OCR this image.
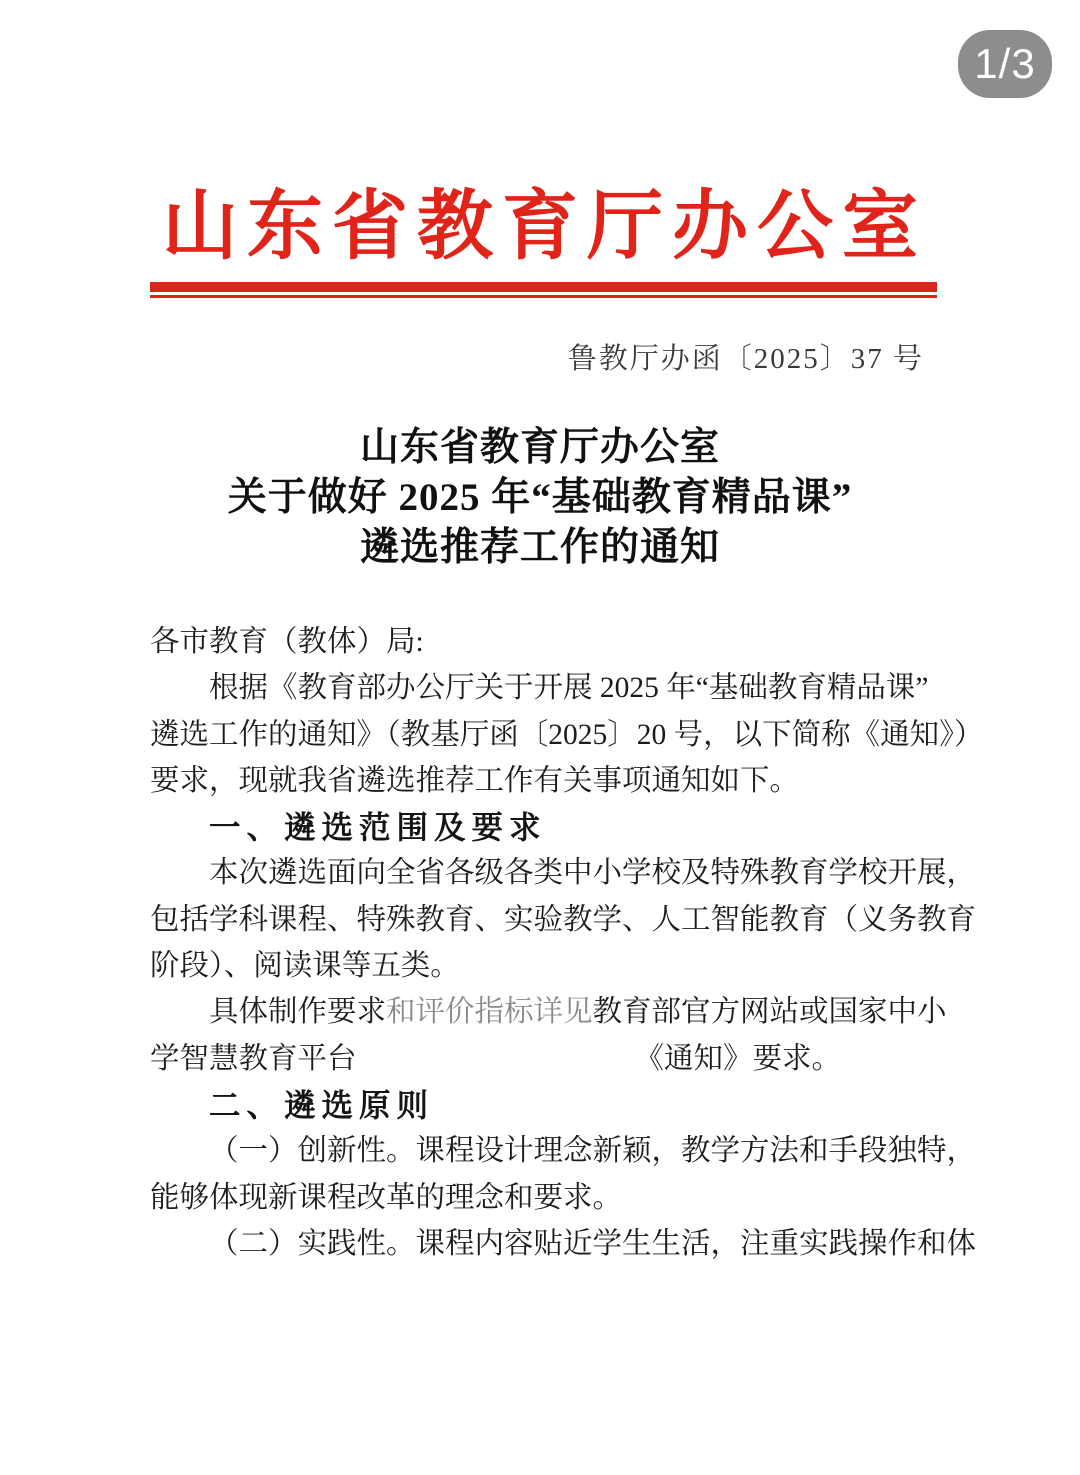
1/3
山东省教育厅办公室
鲁教厅办函〔2025〕37 号
山东省教育厅办公室
关于做好 2025 年“基础教育精品课”
遴选推荐工作的通知
各市教育（教体）局:
根据《教育部办公厅关于开展 2025 年“基础教育精品课”
遴选工作的通知》（教基厅函〔2025〕20 号，以下简称《通知》）
要求，现就我省遴选推荐工作有关事项通知如下。
一、遴选范围及要求
本次遴选面向全省各级各类中小学校及特殊教育学校开展，
包括学科课程、特殊教育、实验教学、人工智能教育（义务教育
阶段）、阅读课等五类。
具体制作要求和评价指标详见教育部官方网站或国家中小
学智慧教育平台	《通知》要求。
二、遴选原则
（一）创新性。课程设计理念新颖，教学方法和手段独特，
能够体现新课程改革的理念和要求。
（二）实践性。课程内容贴近学生生活，注重实践操作和体
